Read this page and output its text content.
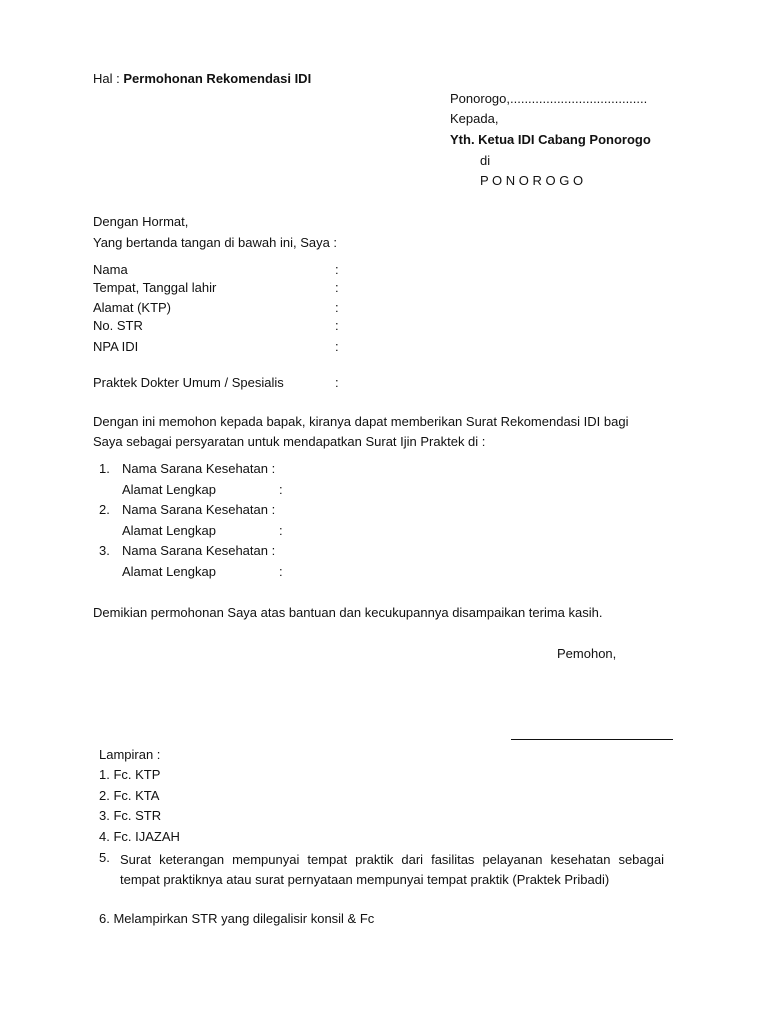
Hal : Permohonan Rekomendasi IDI
Ponorogo,......................................
Kepada,
Yth. Ketua IDI Cabang Ponorogo
di
P O N O R O G O
Dengan Hormat,
Yang bertanda tangan di bawah ini, Saya :
Nama	:
Tempat, Tanggal lahir	:
Alamat (KTP)	:
No. STR	:
NPA IDI	:
Praktek Dokter Umum / Spesialis	:
Dengan ini memohon kepada bapak, kiranya dapat memberikan Surat Rekomendasi IDI bagi
Saya sebagai persyaratan untuk mendapatkan Surat Ijin Praktek di :
1. Nama Sarana Kesehatan :
Alamat Lengkap	:
2. Nama Sarana Kesehatan :
Alamat Lengkap	:
3. Nama Sarana Kesehatan :
Alamat Lengkap	:
Demikian permohonan Saya atas bantuan dan kecukupannya disampaikan terima kasih.
Pemohon,
Lampiran :
1. Fc. KTP
2. Fc. KTA
3. Fc. STR
4. Fc. IJAZAH
5. Surat keterangan mempunyai tempat praktik dari fasilitas pelayanan kesehatan sebagai tempat praktiknya atau surat pernyataan mempunyai tempat praktik (Praktek Pribadi)
6. Melampirkan STR yang dilegalisir konsil & Fc
